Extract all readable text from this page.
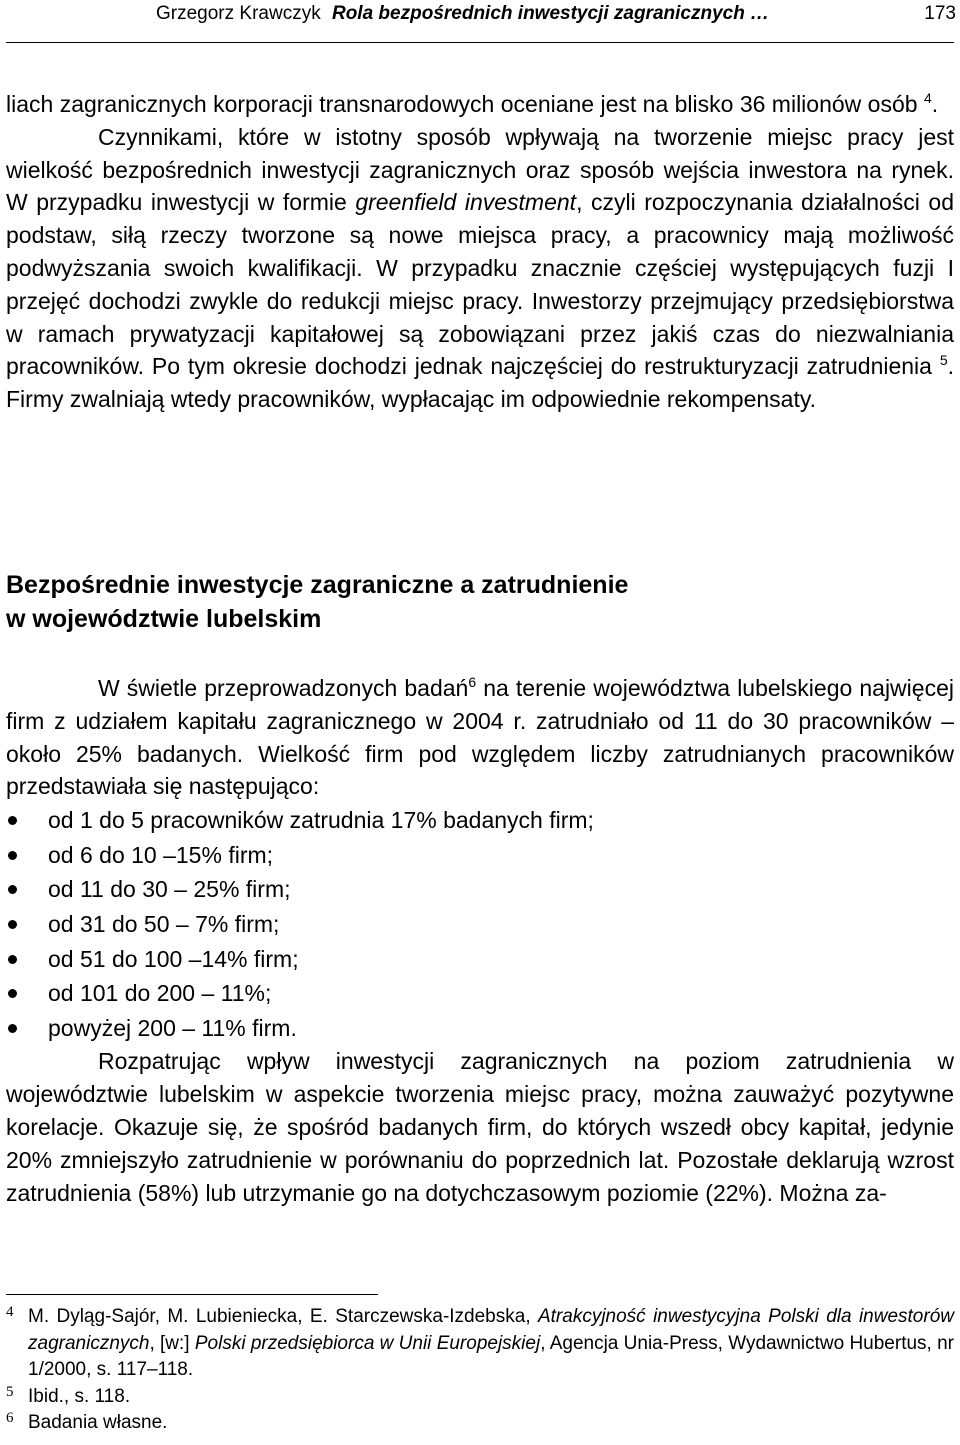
Grzegorz Krawczyk Rola bezpośrednich inwestycji zagranicznych …	173

liach zagranicznych korporacji transnarodowych oceniane jest na blisko 36 milionów osób $^4$.

Czynnikami, które w istotny sposób wpływają na tworzenie miejsc pracy jest wielkość bezpośrednich inwestycji zagranicznych oraz sposób wejścia inwestora na rynek. W przypadku inwestycji w formie greenfield investment, czyli rozpoczynania działalności od podstaw, siłą rzeczy tworzone są nowe miejsca pracy, a pracownicy mają możliwość podwyższania swoich kwalifikacji. W przypadku znacznie częściej występujących fuzji I przejęć dochodzi zwykle do redukcji miejsc pracy. Inwestorzy przejmujący przedsiębiorstwa w ramach prywatyzacji kapitałowej są zobowiązani przez jakiś czas do niezwalniania pracowników. Po tym okresie dochodzi jednak najczęściej do restrukturyzacji zatrudnienia $^5$. Firmy zwalniają wtedy pracowników, wypłacając im odpowiednie rekompensaty.

Bezpośrednie inwestycje zagraniczne a zatrudnienie
w województwie lubelskim

W świetle przeprowadzonych badań$^6$ na terenie województwa lubelskiego najwięcej firm z udziałem kapitału zagranicznego w 2004 r. zatrudniało od 11 do 30 pracowników – około 25% badanych. Wielkość firm pod względem liczby zatrudnianych pracowników przedstawiała się następująco:

od 1 do 5 pracowników zatrudnia 17% badanych firm;
od 6 do 10 –15% firm;
od 11 do 30 – 25% firm;
od 31 do 50 – 7% firm;
od 51 do 100 –14% firm;
od 101 do 200 – 11%;
powyżej 200 – 11% firm.

Rozpatrując wpływ inwestycji zagranicznych na poziom zatrudnienia w województwie lubelskim w aspekcie tworzenia miejsc pracy, można zauważyć pozytywne korelacje. Okazuje się, że spośród badanych firm, do których wszedł obcy kapitał, jedynie 20% zmniejszyło zatrudnienie w porównaniu do poprzednich lat. Pozostałe deklarują wzrost zatrudnienia (58%) lub utrzymanie go na dotychczasowym poziomie (22%). Można za-

4 M. Dyląg-Sajór, M. Lubieniecka, E. Starczewska-Izdebska, Atrakcyjność inwestycyjna Polski dla inwestorów zagranicznych, [w:] Polski przedsiębiorca w Unii Europejskiej, Agencja Unia-Press, Wydawnictwo Hubertus, nr 1/2000, s. 117–118.
5 Ibid., s. 118.
6 Badania własne.
